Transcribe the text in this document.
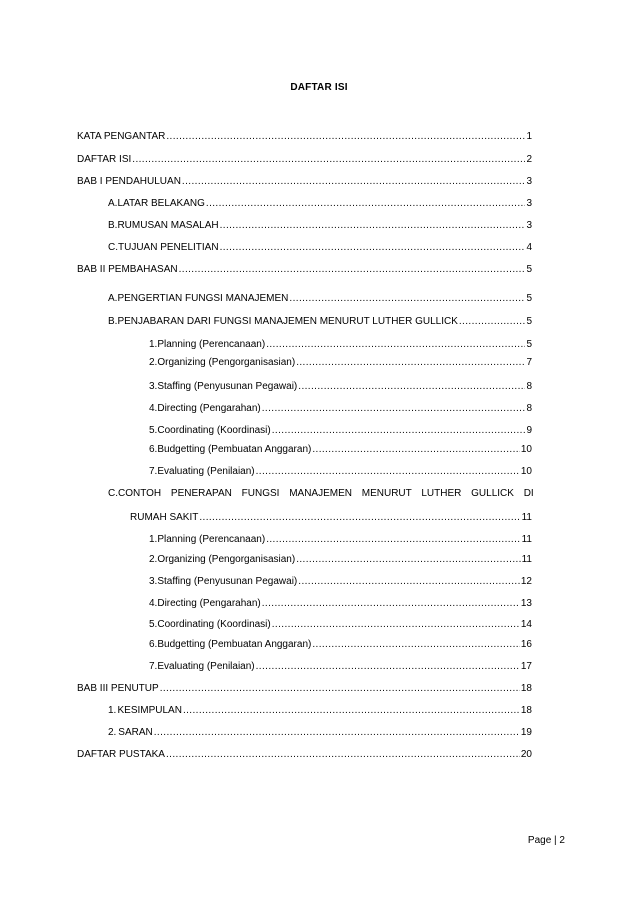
DAFTAR ISI
KATA PENGANTAR .....	1
DAFTAR ISI .....	2
BAB I PENDAHULUAN .....	3
A. LATAR BELAKANG .....	3
B. RUMUSAN MASALAH .....	3
C. TUJUAN PENELITIAN .....	4
BAB II PEMBAHASAN .....	5
A. PENGERTIAN FUNGSI MANAJEMEN .....	5
B. PENJABARAN DARI FUNGSI MANAJEMEN MENURUT LUTHER GULLICK .....	5
1. Planning (Perencanaan) .....	5
2. Organizing (Pengorganisasian) .....	7
3. Staffing (Penyusunan Pegawai) .....	8
4. Directing (Pengarahan) .....	8
5. Coordinating (Koordinasi) .....	9
6. Budgetting (Pembuatan Anggaran) .....	10
7. Evaluating (Penilaian) .....	10
C. CONTOH PENERAPAN FUNGSI MANAJEMEN MENURUT LUTHER GULLICK DI
RUMAH SAKIT .....	11
1. Planning (Perencanaan) .....	11
2. Organizing (Pengorganisasian) .....	11
3. Staffing (Penyusunan Pegawai) .....	12
4. Directing (Pengarahan) .....	13
5. Coordinating (Koordinasi) .....	14
6. Budgetting (Pembuatan Anggaran) .....	16
7. Evaluating (Penilaian) .....	17
BAB III PENUTUP .....	18
1. KESIMPULAN .....	18
2. SARAN .....	19
DAFTAR PUSTAKA .....	20
Page | 2
